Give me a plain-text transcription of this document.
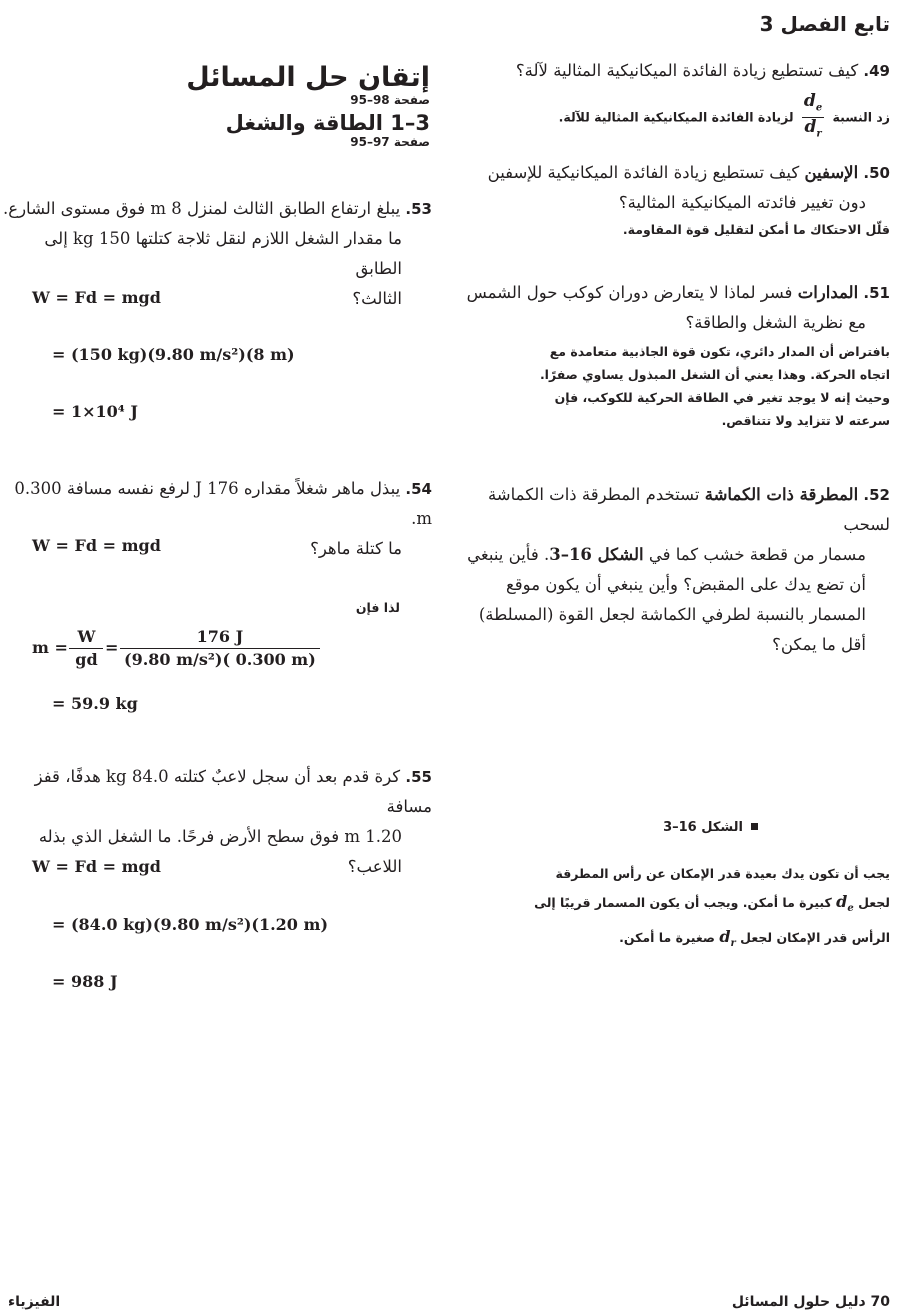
تابع الفصل 3

49. كيف تستطيع زيادة الفائدة الميكانيكية المثالية لآلة؟

زد النسبة
$\frac{d_e}{d_r}$
لزيادة الفائدة الميكانيكية المثالية للآلة.

50. الإسفين كيف تستطيع زيادة الفائدة الميكانيكية للإسفين

دون تغيير فائدته الميكانيكية المثالية؟

قلّل الاحتكاك ما أمكن لتقليل قوة المقاومة.

51. المدارات فسر لماذا لا يتعارض دوران كوكب حول الشمس

مع نظرية الشغل والطاقة؟

بافتراض أن المدار دائري، تكون قوة الجاذبية متعامدة مع

اتجاه الحركة. وهذا يعني أن الشغل المبذول يساوي صفرًا.

وحيث إنه لا يوجد تغير في الطاقة الحركية للكوكب، فإن

سرعته لا تتزايد ولا تتناقص.

52. المطرقة ذات الكماشة تستخدم المطرقة ذات الكماشة لسحب

مسمار من قطعة خشب كما في الشكل 16–3. فأين ينبغي

أن تضع يدك على المقبض؟ وأين ينبغي أن يكون موقع

المسمار بالنسبة لطرفي الكماشة لجعل القوة (المسلطة)

أقل ما يمكن؟

الشكل 16–3

يجب أن تكون يدك بعيدة قدر الإمكان عن رأس المطرقة

لجعل $d_e$ كبيرة ما أمكن. ويجب أن يكون المسمار قريبًا إلى

الرأس قدر الإمكان لجعل $d_r$ صغيرة ما أمكن.

إتقان حل المسائل

صفحة 98–95

3–1 الطاقة والشغل

صفحة 97–95

53. يبلغ ارتفاع الطابق الثالث لمنزل 8 m فوق مستوى الشارع.

ما مقدار الشغل اللازم لنقل ثلاجة كتلتها 150 kg إلى الطابق

الثالث؟

W = Fd = mgd
= (150 kg)(9.80 m/s²)(8 m)
= 1×10⁴ J

54. يبذل ماهر شغلاً مقداره 176 J لرفع نفسه مسافة 0.300 m.

ما كتلة ماهر؟

W = Fd = mgd
لذا فإن
$m = \frac{W}{gd} = \frac{176 J}{\text{(9.80 m/s²)( 0.300 m)}}$
= 59.9 kg

55. كرة قدم بعد أن سجل لاعبٌ كتلته 84.0 kg هدفًا، قفز مسافة

1.20 m فوق سطح الأرض فرحًا. ما الشغل الذي بذله

اللاعب؟

W = Fd = mgd
= (84.0 kg)(9.80 m/s²)(1.20 m)
= 988 J
70 دليل حلول المسائل
الفيزياء
